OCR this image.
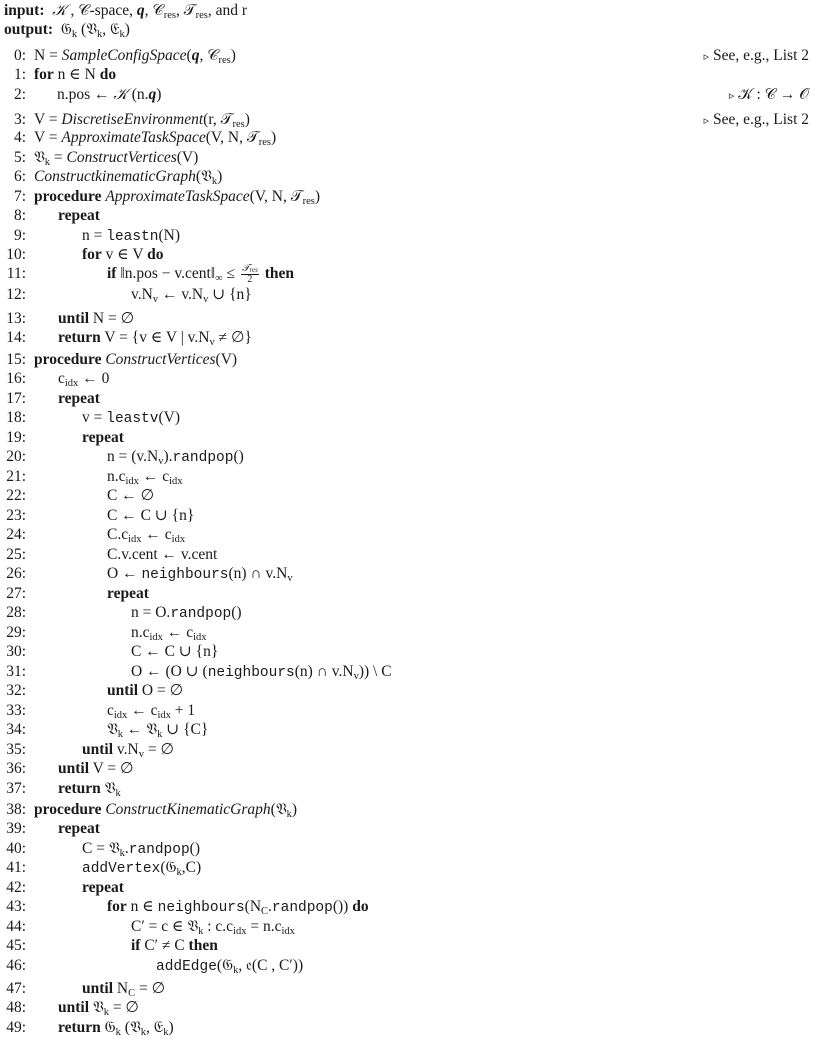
input: 𝒦 , 𝒞-space, q, 𝒞$_{res}$, 𝒯$_{res}$, and r
output:  𝔊$_k$ (𝔙$_k$, 𝔈$_k$)
0: N = SampleConfigSpace(q, 𝒞$_{res}$)	▹ See, e.g., List 2
1: for n ∈ N do
2: n.pos ← 𝒦 (n.q)	▹ 𝒦 : 𝒞 → 𝒪
3: V = DiscretiseEnvironment(r, 𝒯$_{res}$)	▹ See, e.g., List 2
4: V = ApproximateTaskSpace(V, N, 𝒯$_{res}$)
5: 𝔙$_k$ = ConstructVertices(V)
6: ConstructkinematicGraph(𝔙$_k$)
7: procedure ApproximateTaskSpace(V, N, 𝒯$_{res}$)
8: repeat
9:	n = leastn(N)
10:	for v ∈ V do
11:	if ‖n.pos − $v.cent‖_\infty \le \frac{𝒯_{res}}{2}$ then
12:	$v.N_v$ ← $v.N_v$ ∪ {n}
13: until N = ∅
14: return V = {v ∈ V | $v.N_v$ ≠ ∅}
15: procedure ConstructVertices(V)
16: $c_{idx}$ ← 0
17: repeat
18:	v = leastv(V)
19:	repeat
20:	$n = (v.N_v).randpop()$
21:	$n.c_{idx}$ ← $c_{idx}$
22:	C ← ∅
23:	C ← C ∪ {n}
24:	$C.c_{idx}$ ← $c_{idx}$
25:	C.v.cent ← v.cent
26:	O ← neighbours(n) ∩ $v.N_v$
27:	repeat
28:	n = O.randpop()
29:	$n.c_{idx}$ ← $c_{idx}$
30:	C ← C ∪ {n}
31:	O ← (O ∪ (neighbours(n) ∩ $v.N_v$)) \ C
32:	until O = ∅
33:	$c_{idx}$ ← $c_{idx} + 1$
34:	𝔙$_k$ ← 𝔙$_k$ ∪ {C}
35:	until $v.N_v$ = ∅
36: until V = ∅
37: return 𝔙$_k$
38: procedure ConstructKinematicGraph(𝔙$_k$)
39: repeat
40:	C = 𝔙$_k$.randpop()
41:	addVertex(𝔊$_k$,C)
42:	repeat
43:	for n ∈ $neighbours(N_C.randpop())$ do
44:	C′ = c ∈ 𝔙$_k$ : $c.c_{idx} = n.c_{idx}$
45:	if C′ ≠ C then
46:	addEdge(𝔊$_k$, 𝔢(C , C′))
47:	until $N_C$ = ∅
48: until 𝔙$_k$ = ∅
49: return 𝔊$_k$ (𝔙$_k$, 𝔈$_k$)
